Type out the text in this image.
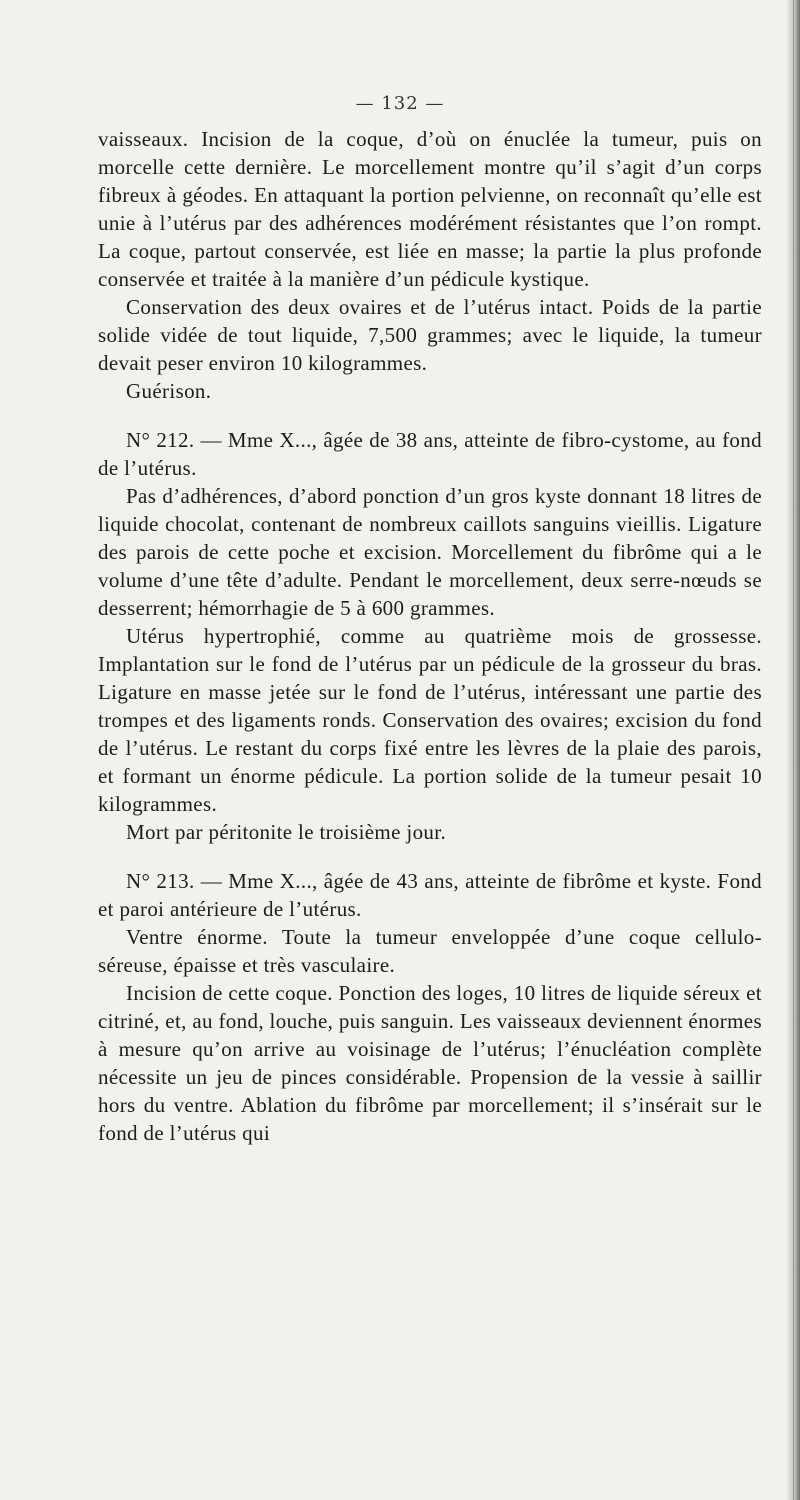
— 132 —

vaisseaux. Incision de la coque, d’où on énuclée la tumeur, puis on morcelle cette dernière. Le morcellement montre qu’il s’agit d’un corps fibreux à géodes. En attaquant la portion pelvienne, on reconnaît qu’elle est unie à l’utérus par des adhérences modérément résistantes que l’on rompt. La coque, partout conservée, est liée en masse; la partie la plus profonde conservée et traitée à la manière d’un pédicule kystique.

Conservation des deux ovaires et de l’utérus intact. Poids de la partie solide vidée de tout liquide, 7,500 grammes; avec le liquide, la tumeur devait peser environ 10 kilogrammes.

Guérison.

N° 212. — Mme X..., âgée de 38 ans, atteinte de fibro-cystome, au fond de l’utérus.

Pas d’adhérences, d’abord ponction d’un gros kyste donnant 18 litres de liquide chocolat, contenant de nombreux caillots sanguins vieillis. Ligature des parois de cette poche et excision. Morcellement du fibrôme qui a le volume d’une tête d’adulte. Pendant le morcellement, deux serre-nœuds se desserrent; hémorrhagie de 5 à 600 grammes.

Utérus hypertrophié, comme au quatrième mois de grossesse. Implantation sur le fond de l’utérus par un pédicule de la grosseur du bras. Ligature en masse jetée sur le fond de l’utérus, intéressant une partie des trompes et des ligaments ronds. Conservation des ovaires; excision du fond de l’utérus. Le restant du corps fixé entre les lèvres de la plaie des parois, et formant un énorme pédicule. La portion solide de la tumeur pesait 10 kilogrammes.

Mort par péritonite le troisième jour.

N° 213. — Mme X..., âgée de 43 ans, atteinte de fibrôme et kyste. Fond et paroi antérieure de l’utérus.

Ventre énorme. Toute la tumeur enveloppée d’une coque cellulo-séreuse, épaisse et très vasculaire.

Incision de cette coque. Ponction des loges, 10 litres de liquide séreux et citriné, et, au fond, louche, puis sanguin. Les vaisseaux deviennent énormes à mesure qu’on arrive au voisinage de l’utérus; l’énucléation complète nécessite un jeu de pinces considérable. Propension de la vessie à saillir hors du ventre. Ablation du fibrôme par morcellement; il s’insérait sur le fond de l’utérus qui
